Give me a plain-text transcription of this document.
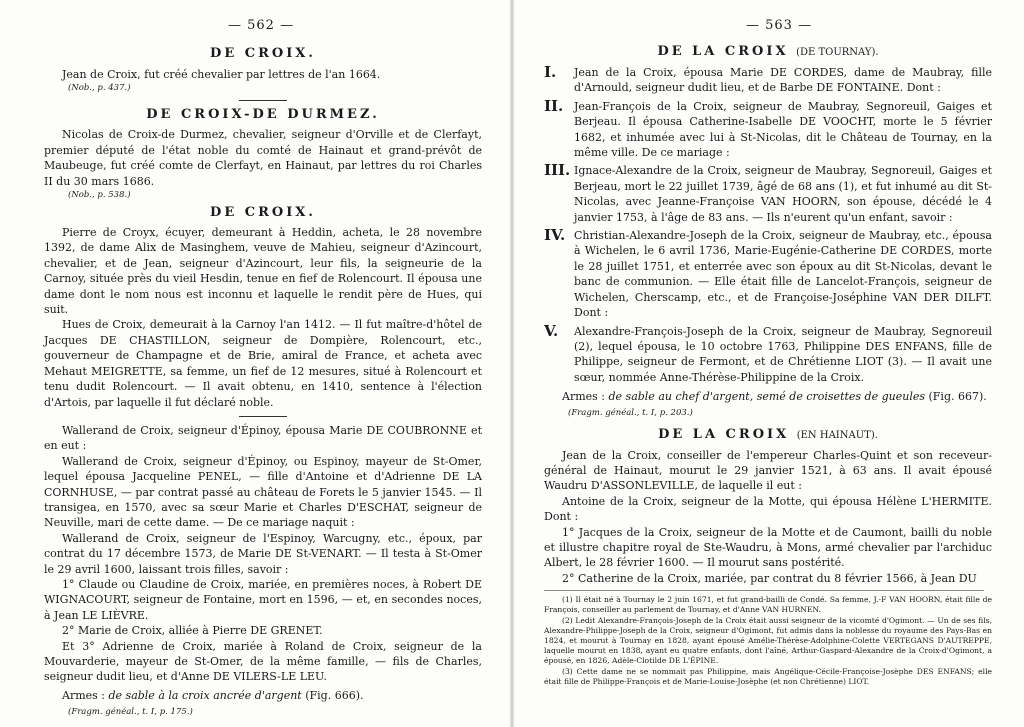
— 562 —
DE CROIX.

Jean de Croix, fut créé chevalier par lettres de l'an 1664.

(Nob., p. 437.)

DE CROIX-DE DURMEZ.

Nicolas de Croix-de Durmez, chevalier, seigneur d'Orville et de Clerfayt, premier député de l'état noble du comté de Hainaut et grand-prévôt de Maubeuge, fut créé comte de Clerfayt, en Hainaut, par lettres du roi Charles II du 30 mars 1686.

(Nob., p. 538.)

DE CROIX.

Pierre de Croyx, écuyer, demeurant à Heddin, acheta, le 28 novembre 1392, de dame Alix de Masinghem, veuve de Mahieu, seigneur d'Azincourt, chevalier, et de Jean, seigneur d'Azincourt, leur fils, la seigneurie de la Carnoy, située près du vieil Hesdin, tenue en fief de Rolencourt. Il épousa une dame dont le nom nous est inconnu et laquelle le rendit père de Hues, qui suit.

Hues de Croix, demeurait à la Carnoy l'an 1412. — Il fut maître-d'hôtel de Jacques DE CHASTILLON, seigneur de Dompière, Rolencourt, etc., gouverneur de Champagne et de Brie, amiral de France, et acheta avec Mehaut MEIGRETTE, sa femme, un fief de 12 mesures, situé à Rolencourt et tenu dudit Rolencourt. — Il avait obtenu, en 1410, sentence à l'élection d'Artois, par laquelle il fut déclaré noble.

Wallerand de Croix, seigneur d'Épinoy, épousa Marie DE COUBRONNE et en eut :

Wallerand de Croix, seigneur d'Épinoy, ou Espinoy, mayeur de St-Omer, lequel épousa Jacqueline PENEL, — fille d'Antoine et d'Adrienne DE LA CORNHUSE, — par contrat passé au château de Forets le 5 janvier 1545. — Il transigea, en 1570, avec sa sœur Marie et Charles D'ESCHAT, seigneur de Neuville, mari de cette dame. — De ce mariage naquit :

Wallerand de Croix, seigneur de l'Espinoy, Warcugny, etc., époux, par contrat du 17 décembre 1573, de Marie DE St-VENART. — Il testa à St-Omer le 29 avril 1600, laissant trois filles, savoir :

1° Claude ou Claudine de Croix, mariée, en premières noces, à Robert DE WIGNACOURT, seigneur de Fontaine, mort en 1596, — et, en secondes noces, à Jean LE LIÈVRE.

2° Marie de Croix, alliée à Pierre DE GRENET.

Et 3° Adrienne de Croix, mariée à Roland de Croix, seigneur de la Mouvarderie, mayeur de St-Omer, de la même famille, — fils de Charles, seigneur dudit lieu, et d'Anne DE VILERS-LE LEU.

Armes : de sable à la croix ancrée d'argent (Fig. 666).

(Fragm. généal., t. I, p. 175.)

— 563 —
DE LA CROIX (DE TOURNAY).
I. Jean de la Croix, épousa Marie DE CORDES, dame de Maubray, fille d'Arnould, seigneur dudit lieu, et de Barbe DE FONTAINE. Dont :

II. Jean-François de la Croix, seigneur de Maubray, Segnoreuil, Gaiges et Berjeau. Il épousa Catherine-Isabelle DE VOOCHT, morte le 5 février 1682, et inhumée avec lui à St-Nicolas, dit le Château de Tournay, en la même ville. De ce mariage :

III. Ignace-Alexandre de la Croix, seigneur de Maubray, Segnoreuil, Gaiges et Berjeau, mort le 22 juillet 1739, âgé de 68 ans (1), et fut inhumé au dit St-Nicolas, avec Jeanne-Françoise VAN HOORN, son épouse, décédé le 4 janvier 1753, à l'âge de 83 ans. — Ils n'eurent qu'un enfant, savoir :

IV. Christian-Alexandre-Joseph de la Croix, seigneur de Maubray, etc., épousa à Wichelen, le 6 avril 1736, Marie-Eugénie-Catherine DE CORDES, morte le 28 juillet 1751, et enterrée avec son époux au dit St-Nicolas, devant le banc de communion. — Elle était fille de Lancelot-François, seigneur de Wichelen, Cherscamp, etc., et de Françoise-Joséphine VAN DER DILFT. Dont :

V. Alexandre-François-Joseph de la Croix, seigneur de Maubray, Segnoreuil (2), lequel épousa, le 10 octobre 1763, Philippine DES ENFANS, fille de Philippe, seigneur de Fermont, et de Chrétienne LIOT (3). — Il avait une sœur, nommée Anne-Thérèse-Philippine de la Croix.

Armes : de sable au chef d'argent, semé de croisettes de gueules (Fig. 667).

(Fragm. généal., t. I, p. 203.)

DE LA CROIX (EN HAINAUT).

Jean de la Croix, conseiller de l'empereur Charles-Quint et son receveur-général de Hainaut, mourut le 29 janvier 1521, à 63 ans. Il avait épousé Waudru D'ASSONLEVILLE, de laquelle il eut :

Antoine de la Croix, seigneur de la Motte, qui épousa Hélène L'HERMITE. Dont :

1° Jacques de la Croix, seigneur de la Motte et de Caumont, bailli du noble et illustre chapitre royal de Ste-Waudru, à Mons, armé chevalier par l'archiduc Albert, le 28 février 1600. — Il mourut sans postérité.

2° Catherine de la Croix, mariée, par contrat du 8 février 1566, à Jean DU

(1) Il était né à Tournay le 2 juin 1671, et fut grand-bailli de Condé. Sa femme, J.-F VAN HOORN, était fille de François, conseiller au parlement de Tournay, et d'Anne VAN HURNEN.

(2) Ledit Alexandre-François-Joseph de la Croix était aussi seigneur de la vicomté d'Ogimont. — Un de ses fils, Alexandre-Philippe-Joseph de la Croix, seigneur d'Ogimont, fut admis dans la noblesse du royaume des Pays-Bas en 1824, et mourut à Tournay en 1828, ayant épousé Amélie-Thérèse-Adolphine-Colette VERTEGANS D'AUTREPPE, laquelle mourut en 1838, ayant eu quatre enfants, dont l'aîné, Arthur-Gaspard-Alexandre de la Croix-d'Ogimont, a épousé, en 1826, Adèle-Clotilde DE L'ÉPINE.

(3) Cette dame ne se nommait pas Philippine, mais Angélique-Cécile-Françoise-Josèphe DES ENFANS; elle était fille de Philippe-François et de Marie-Louise-Josèphe (et non Chrétienne) LIOT.
